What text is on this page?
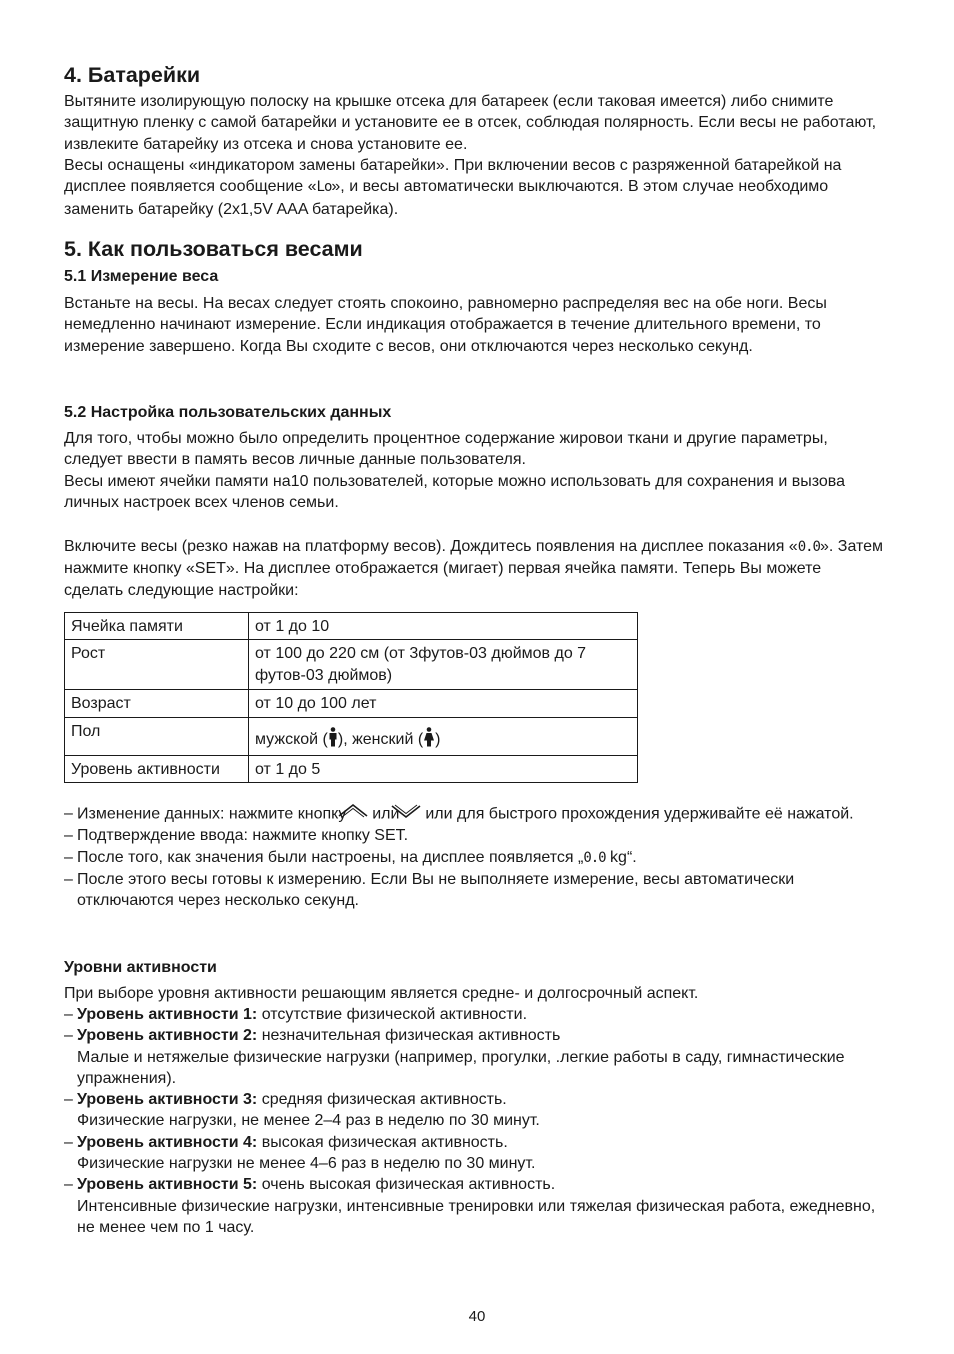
4. Батарейки

Вытяните изолирующую полоску на крышке отсека для батареек (если таковая имеется) либо снимите защитную пленку с самой батарейки и установите ее в отсек, соблюдая полярность. Если весы не работают, извлеките батарейку из отсека и снова установите ее.

Весы оснащены «индикатором замены батарейки». При включении весов с разряженной батарейкой на дисплее появляется сообщение «Lo», и весы автоматически выключаются. В этом случае необходимо заменить батарейку (2x1,5V AAA батарейка).

5. Как пользоваться весами
5.1 Измерение веса

Встаньте на весы. На весах следует стоять спокоино, равномерно распределяя вес на обе ноги. Весы немедленно начинают измерение. Если индикация отображается в течение длительного времени, то измерение завершено. Когда Вы сходите с весов, они отключаются через несколько секунд.

5.2 Настройка пользовательских данных

Для того, чтобы можно было определить процентное содержание жировои ткани и другие параметры, следует ввести в память весов личные данные пользователя.

Весы имеют ячейки памяти на10 пользователей, которые можно использовать для сохранения и вызова личных настроек всех членов семьи.

Включите весы (резко нажав на платформу весов). Дождитесь появления на дисплее показания «0.0». Затем нажмите кнопку «SET». На дисплее отображается (мигает) первая ячейка памяти. Теперь Вы можете сделать следующие настройки:

Ячейка памяти	от 1 до 10
Рост	от 100 до 220 см (от 3футов-03 дюймов до 7 футов-03 дюймов)
Возраст	от 10 до 100 лет
Пол	мужской ( ), женский ( )
Уровень активности	от 1 до 5
– Изменение данных: нажмите кнопку или или для быстрого прохождения удерживайте её нажатой.
– Подтверждение ввода: нажмите кнопку SET.
– После того, как значения были настроены, на дисплее появляется „0.0 kg“.
– После этого весы готовы к измерению. Если Вы не выполняете измерение, весы автоматически отключаются через несколько секунд.
Уровни активности

При выборе уровня активности решающим является средне- и долгосрочный аспект.

– Уровень активности 1: отсутствие физической активности.
– Уровень активности 2: незначительная физическая активность
Малые и нетяжелые физические нагрузки (например, прогулки, .легкие работы в саду, гимнастические упражнения).
– Уровень активности 3: средняя физическая активность.
Физические нагрузки, не менее 2–4 раз в неделю по 30 минут.
– Уровень активности 4: высокая физическая активность.
Физические нагрузки не менее 4–6 раз в неделю по 30 минут.
– Уровень активности 5: очень высокая физическая активность.
Интенсивные физические нагрузки, интенсивные тренировки или тяжелая физическая работа, ежедневно, не менее чем по 1 часу.
40
